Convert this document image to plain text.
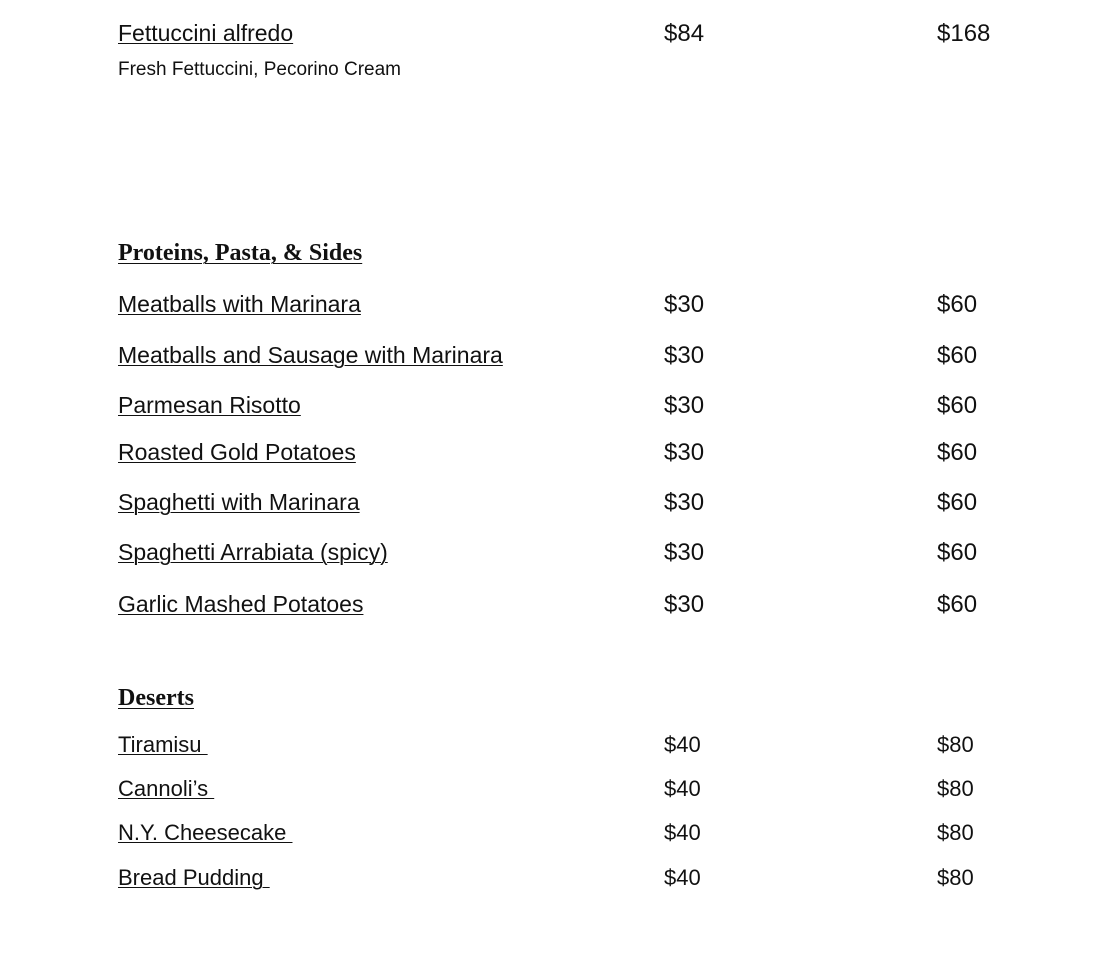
Fettuccini alfredo	$84	$168
Fresh Fettuccini, Pecorino Cream
Proteins, Pasta, & Sides
Meatballs with Marinara	$30	$60
Meatballs and Sausage with Marinara	$30	$60
Parmesan Risotto	$30	$60
Roasted Gold Potatoes	$30	$60
Spaghetti with Marinara	$30	$60
Spaghetti Arrabiata (spicy)	$30	$60
Garlic Mashed Potatoes	$30	$60
Deserts
Tiramisu	$40	$80
Cannoli’s	$40	$80
N.Y. Cheesecake	$40	$80
Bread Pudding	$40	$80
